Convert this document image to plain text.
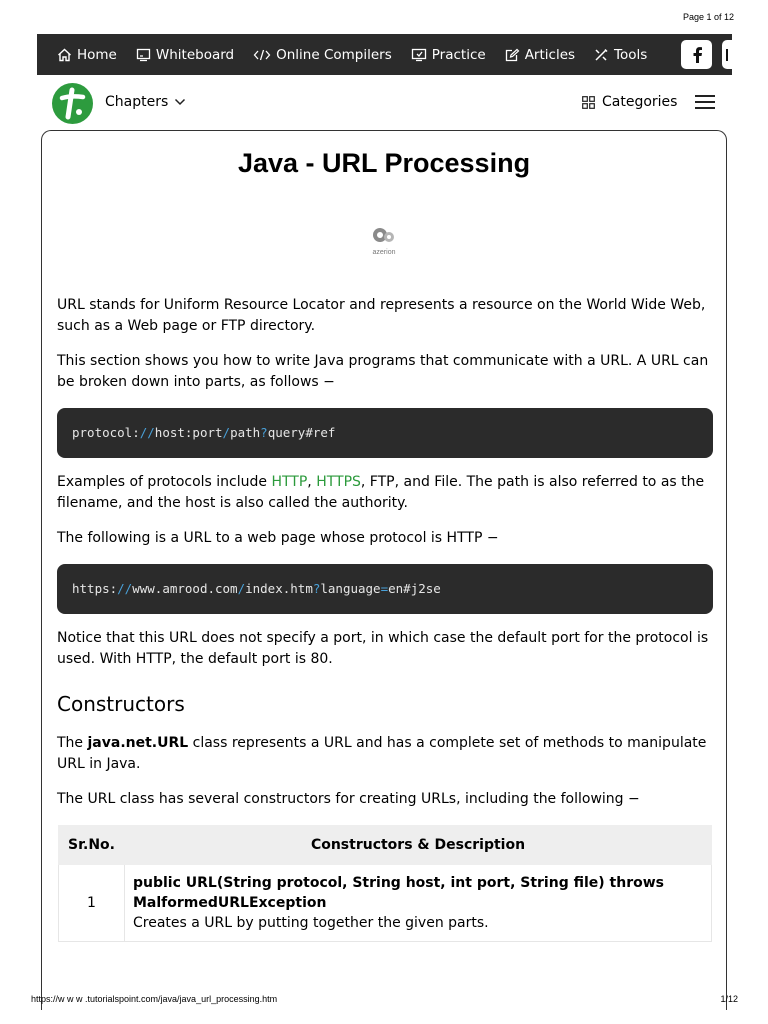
Page 1 of 12
Home	Whiteboard	Online Compilers	Practice	Articles	Tools
Chapters	Categories
Java - URL Processing
azerion

URL stands for Uniform Resource Locator and represents a resource on the World Wide Web, such as a Web page or FTP directory.

This section shows you how to write Java programs that communicate with a URL. A URL can be broken down into parts, as follows −

protocol://host:port/path?query#ref

Examples of protocols include HTTP, HTTPS, FTP, and File. The path is also referred to as the filename, and the host is also called the authority.

The following is a URL to a web page whose protocol is HTTP −

https://www.amrood.com/index.htm?language=en#j2se

Notice that this URL does not specify a port, in which case the default port for the protocol is used. With HTTP, the default port is 80.

Constructors

The java.net.URL class represents a URL and has a complete set of methods to manipulate URL in Java.

The URL class has several constructors for creating URLs, including the following −

Sr.No.	Constructors & Description
1	public URL(String protocol, String host, int port, String file) throws MalformedURLException
Creates a URL by putting together the given parts.
https://w w w .tutorialspoint.com/java/java_url_processing.htm	1/12
